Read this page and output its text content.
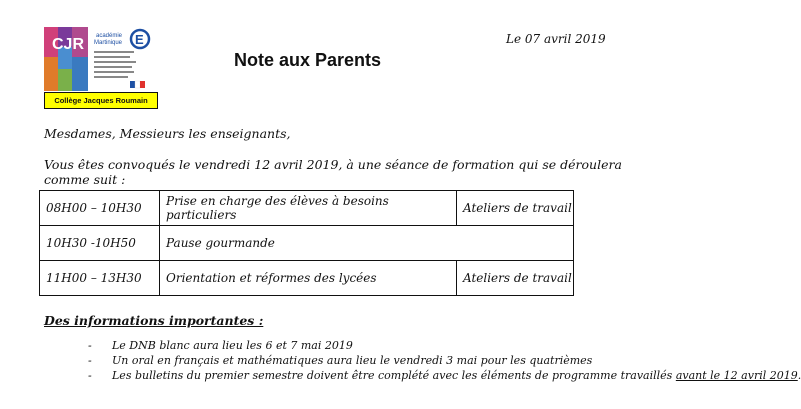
CJR académie
Martinique E
Collège Jacques Roumain
Note aux Parents
Le 07 avril 2019
Mesdames, Messieurs les enseignants,
Vous êtes convoqués le vendredi 12 avril 2019, à une séance de formation qui se déroulera comme suit :
08H00 – 10H30	Prise en charge des élèves à besoins particuliers	Ateliers de travail
10H30 -10H50	Pause gourmande	
11H00 – 13H30	Orientation et réformes des lycées	Ateliers de travail
Des informations importantes :
- Le DNB blanc aura lieu les 6 et 7 mai 2019
- Un oral en français et mathématiques aura lieu le vendredi 3 mai pour les quatrièmes
- Les bulletins du premier semestre doivent être complété avec les éléments de programme travaillés avant le 12 avril 2019.
